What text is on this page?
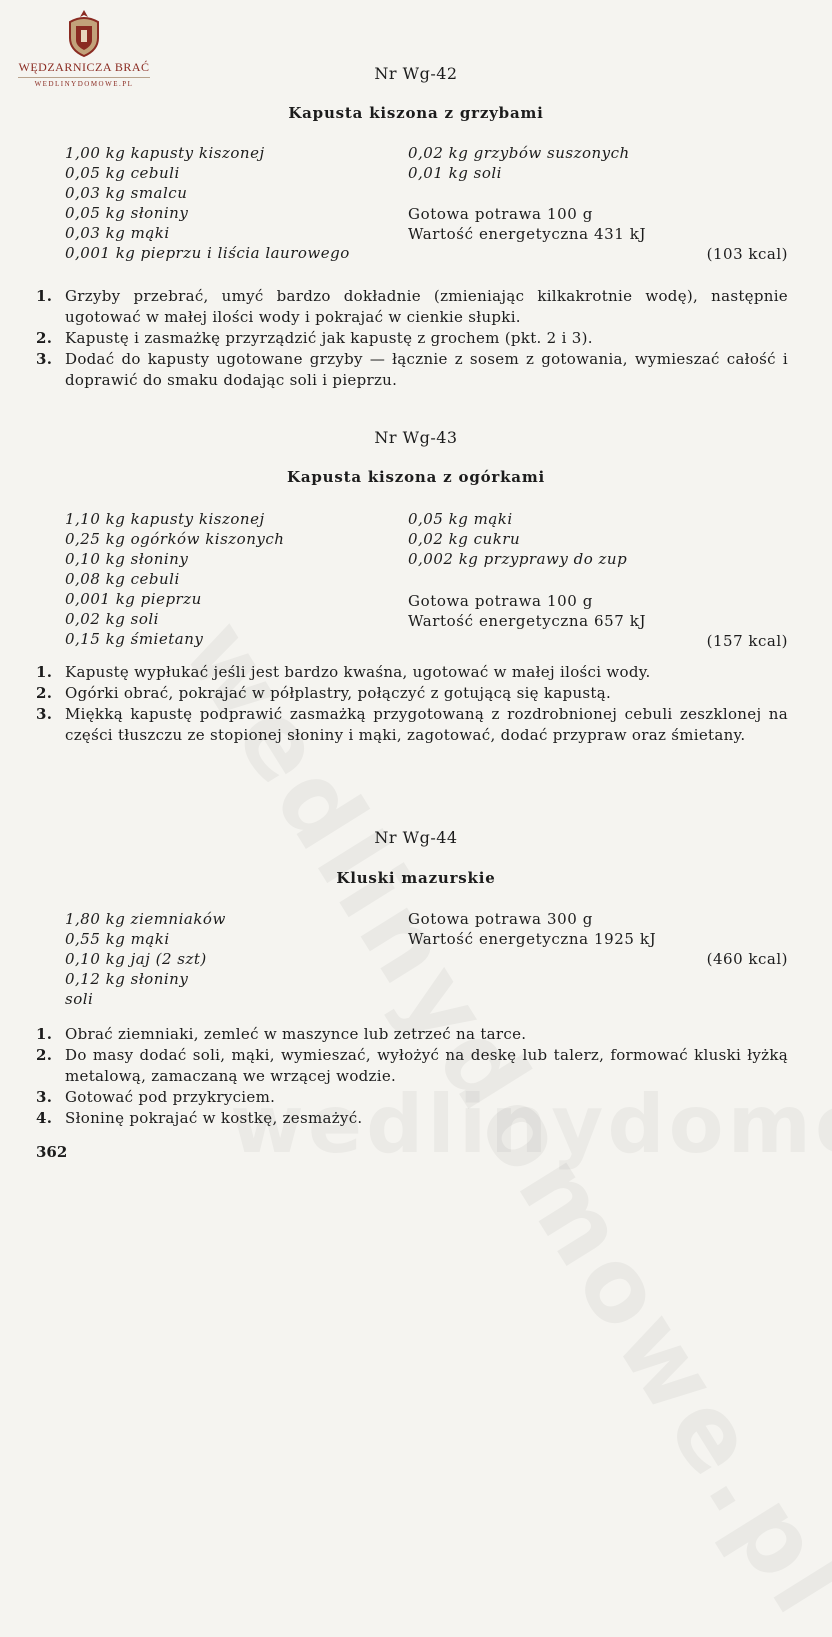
WĘDZARNICZA BRAĆ
WEDLINYDOMOWE.PL
Nr Wg-42
Kapusta kiszona z grzybami
1,00 kg kapusty kiszonej
0,05 kg cebuli
0,03 kg smalcu
0,05 kg słoniny
0,03 kg mąki
0,001 kg pieprzu i liścia laurowego
0,02 kg grzybów suszonych
0,01 kg soli
Gotowa potrawa 100 g
Wartość energetyczna 431 kJ
(103 kcal)
1. Grzyby przebrać, umyć bardzo dokładnie (zmieniając kilkakrotnie wodę), następnie ugotować w małej ilości wody i pokrajać w cienkie słupki.
2. Kapustę i zasmażkę przyrządzić jak kapustę z grochem (pkt. 2 i 3).
3. Dodać do kapusty ugotowane grzyby — łącznie z sosem z gotowania, wymieszać całość i doprawić do smaku dodając soli i pieprzu.
Nr Wg-43
Kapusta kiszona z ogórkami
1,10 kg kapusty kiszonej
0,25 kg ogórków kiszonych
0,10 kg słoniny
0,08 kg cebuli
0,001 kg pieprzu
0,02 kg soli
0,15 kg śmietany
0,05 kg mąki
0,02 kg cukru
0,002 kg przyprawy do zup
Gotowa potrawa 100 g
Wartość energetyczna 657 kJ
(157 kcal)
1. Kapustę wypłukać jeśli jest bardzo kwaśna, ugotować w małej ilości wody.
2. Ogórki obrać, pokrajać w półplastry, połączyć z gotującą się kapustą.
3. Miękką kapustę podprawić zasmażką przygotowaną z rozdrobnionej cebuli zeszklonej na części tłuszczu ze stopionej słoniny i mąki, zagotować, dodać przypraw oraz śmietany.
Nr Wg-44
Kluski mazurskie
1,80 kg ziemniaków
0,55 kg mąki
0,10 kg jaj (2 szt)
0,12 kg słoniny
soli
Gotowa potrawa 300 g
Wartość energetyczna 1925 kJ
(460 kcal)
1. Obrać ziemniaki, zemleć w maszynce lub zetrzeć na tarce.
2. Do masy dodać soli, mąki, wymieszać, wyłożyć na deskę lub talerz, formować kluski łyżką metalową, zamaczaną we wrzącej wodzie.
3. Gotować pod przykryciem.
4. Słoninę pokrajać w kostkę, zesmażyć.
362
